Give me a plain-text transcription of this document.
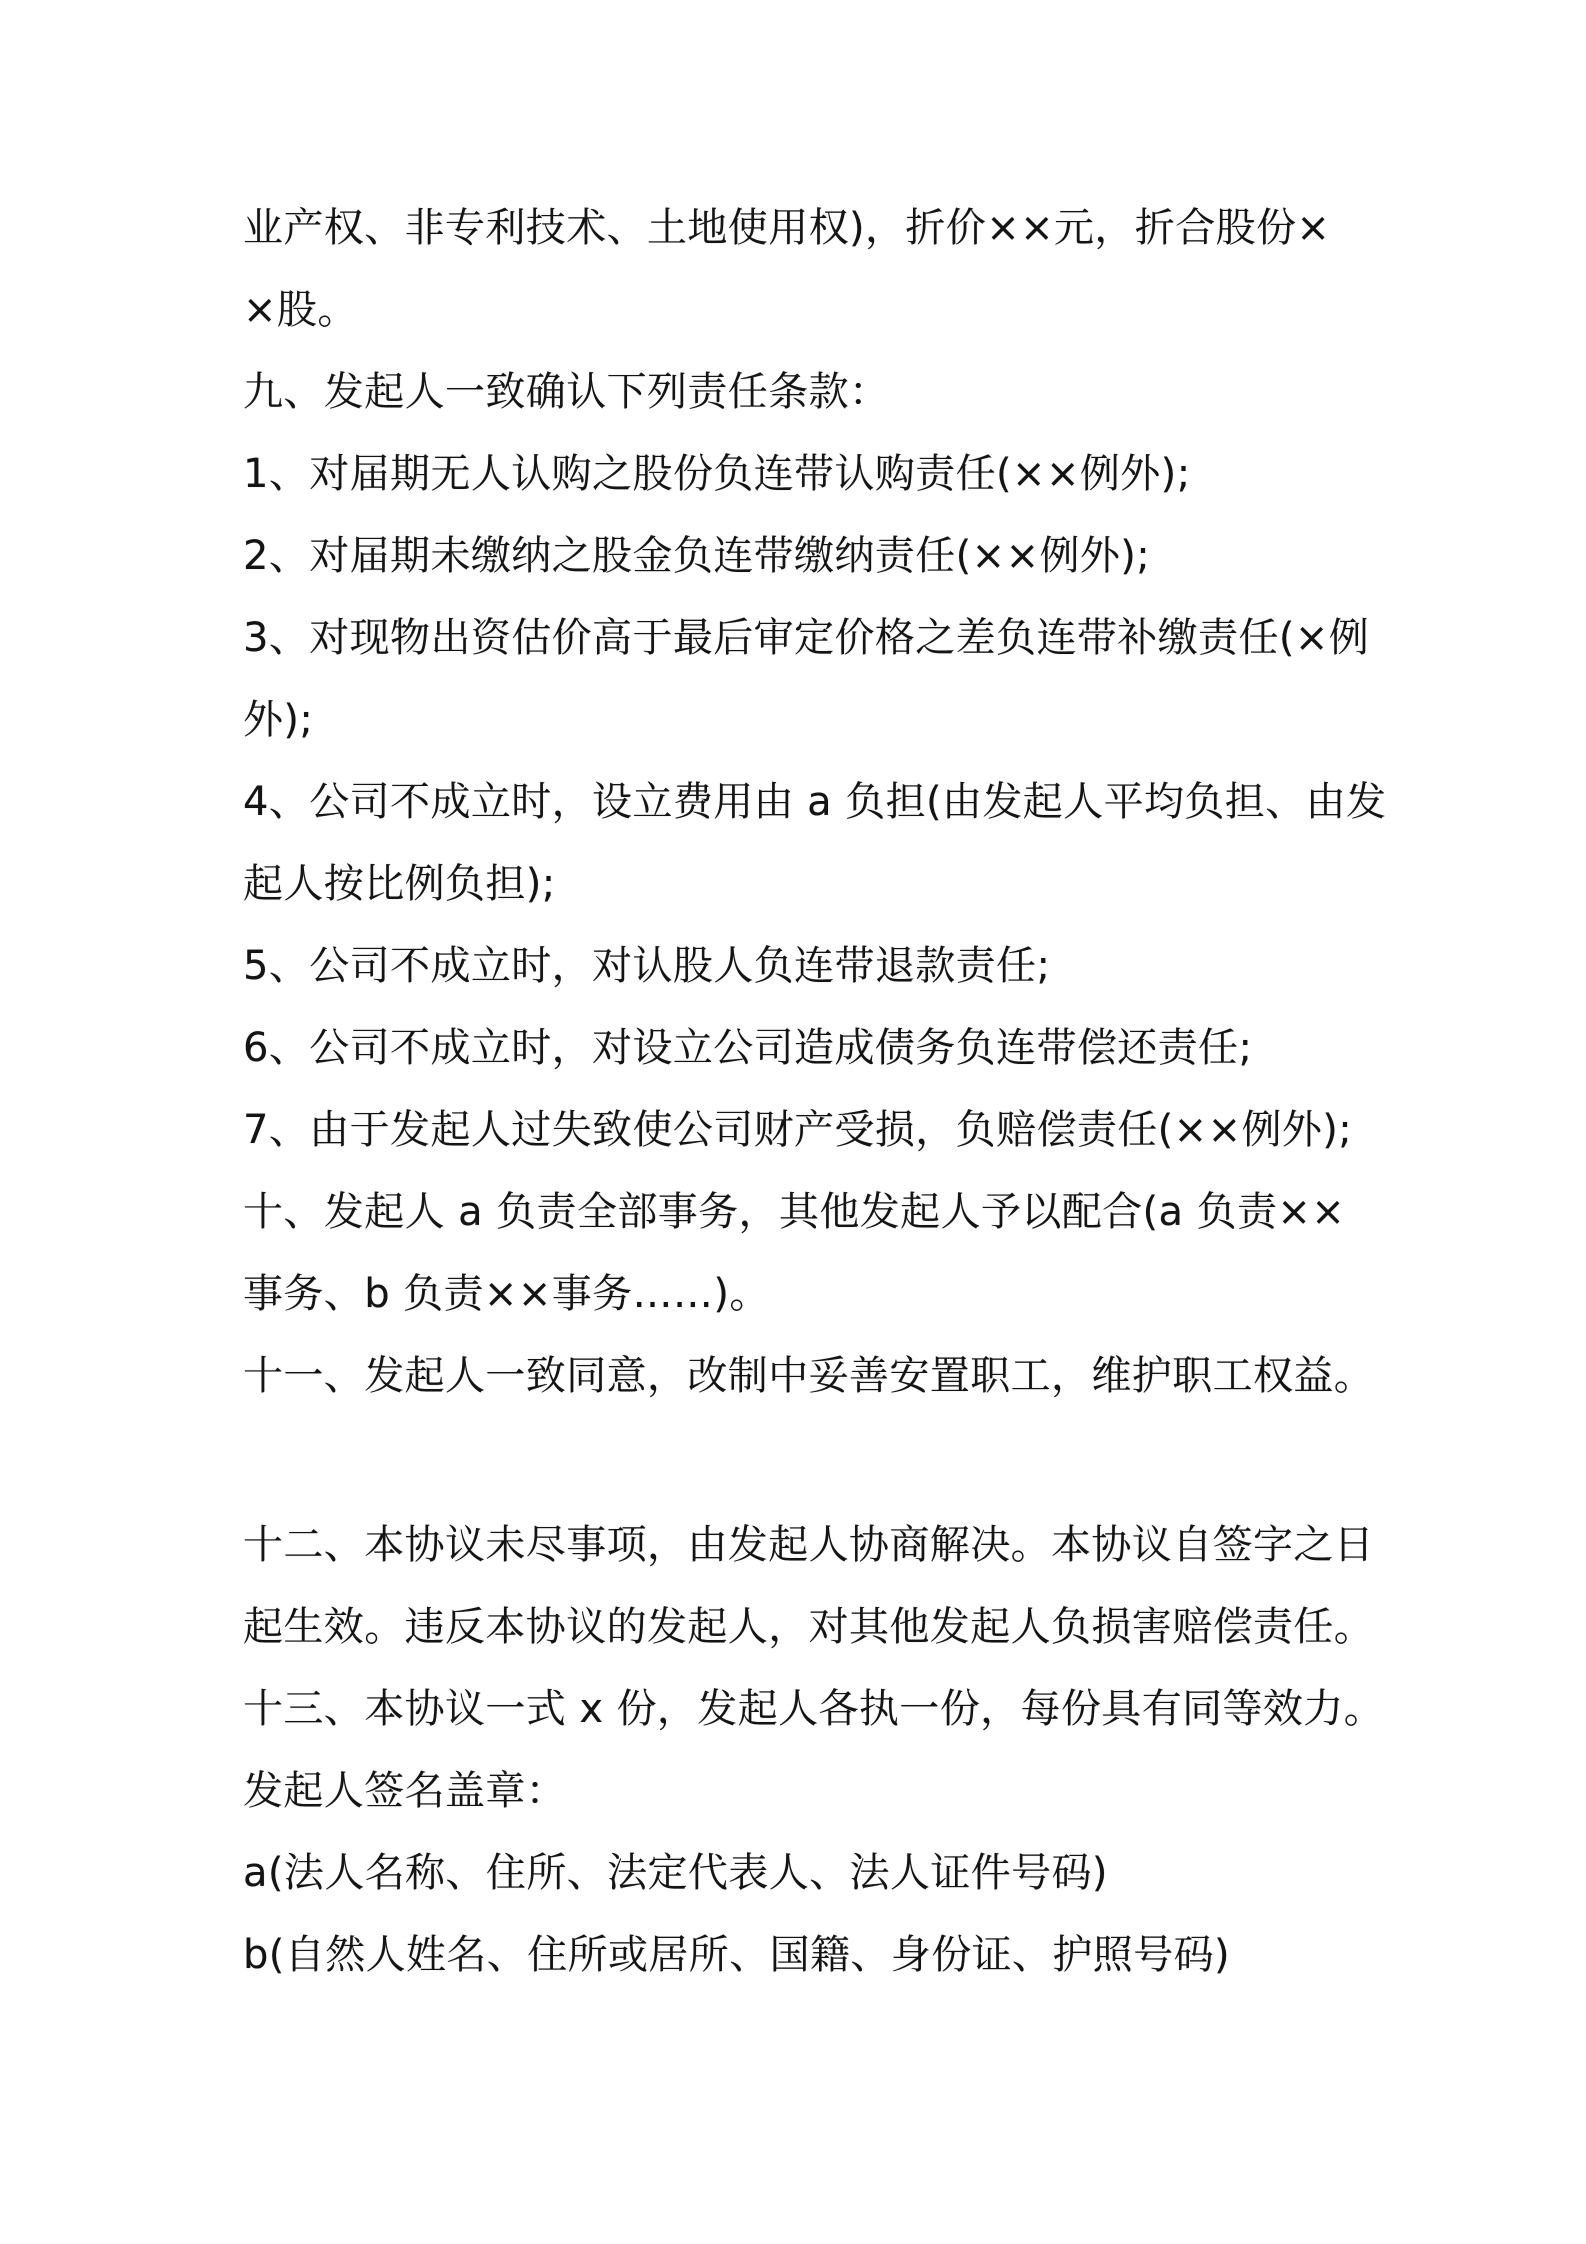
业产权、非专利技术、土地使用权)，折价××元，折合股份×
×股。
九、发起人一致确认下列责任条款：
1、对届期无人认购之股份负连带认购责任(××例外);
2、对届期未缴纳之股金负连带缴纳责任(××例外);
3、对现物出资估价高于最后审定价格之差负连带补缴责任(×例
外);
4、公司不成立时，设立费用由 a 负担(由发起人平均负担、由发
起人按比例负担);
5、公司不成立时，对认股人负连带退款责任;
6、公司不成立时，对设立公司造成债务负连带偿还责任;
7、由于发起人过失致使公司财产受损，负赔偿责任(××例外);
十、发起人 a 负责全部事务，其他发起人予以配合(a 负责××
事务、b 负责××事务……)。
十一、发起人一致同意，改制中妥善安置职工，维护职工权益。
十二、本协议未尽事项，由发起人协商解决。本协议自签字之日
起生效。违反本协议的发起人，对其他发起人负损害赔偿责任。
十三、本协议一式 x 份，发起人各执一份，每份具有同等效力。
发起人签名盖章：
a(法人名称、住所、法定代表人、法人证件号码)
b(自然人姓名、住所或居所、国籍、身份证、护照号码)
